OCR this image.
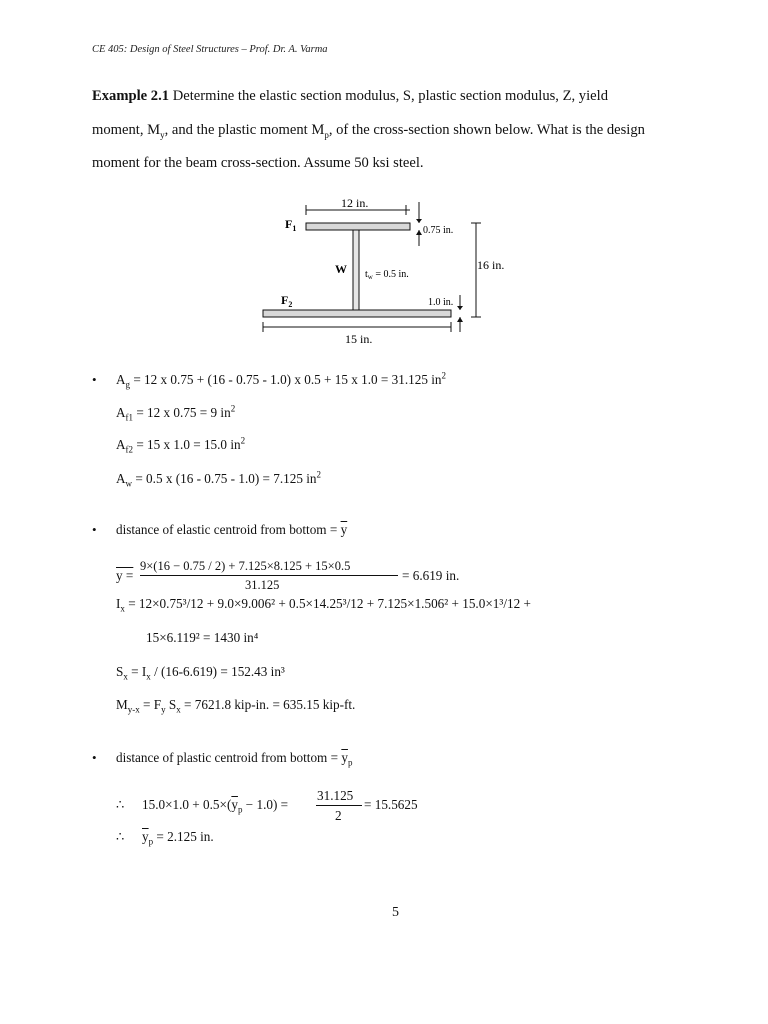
CE 405: Design of Steel Structures – Prof. Dr. A. Varma
Example 2.1 Determine the elastic section modulus, S, plastic section modulus, Z, yield
moment, $M_y$, and the plastic moment $M_p$, of the cross-section shown below. What is the design
moment for the beam cross-section. Assume 50 ksi steel.
12 in.
$F_1$	0.75 in.
W $t_w = 0.5$ in.
16 in.
$F_2$	1.0 in.
15 in.
• $A_g = 12$ x 0.75 + (16 - 0.75 - 1.0) x 0.5 + 15 x 1.0 = 31.125 $in^2$
$A_{f1} = 12$ x 0.75 = 9 $in^2$
$A_{f2} = 15$ x 1.0 = 15.0 $in^2$
$A_w = 0.5$ x (16 - 0.75 - 1.0) = 7.125 $in^2$
• distance of elastic centroid from bottom = $\overline{y}$
y =
9×(16 − 0.75 / 2) + 7.125×8.125 + 15×0.5
31.125
= 6.619 in.
$I_x = 12\times 0.75^3/12 + 9.0\times 9.006^2 + 0.5\times 14.25^3/12 + 7.125\times 1.506^2 + 15.0\times 1^3/12$ +
15×6.119² = 1430 in⁴
$S_x = I_x / (16-6.619) = 152.43$ in³
$M_{y-x} = F_y$ $S_x = 7621.8$ kip-in. = 635.15 kip-ft.
• distance of plastic centroid from bottom = $\overline{y}_p$
∴ $15.0\times 1.0 + 0.5\times(\overline{y}_p - 1.0)$ =
31.125
2
= 15.5625
∴ $\overline{y}_p = 2.125$ in.
5
